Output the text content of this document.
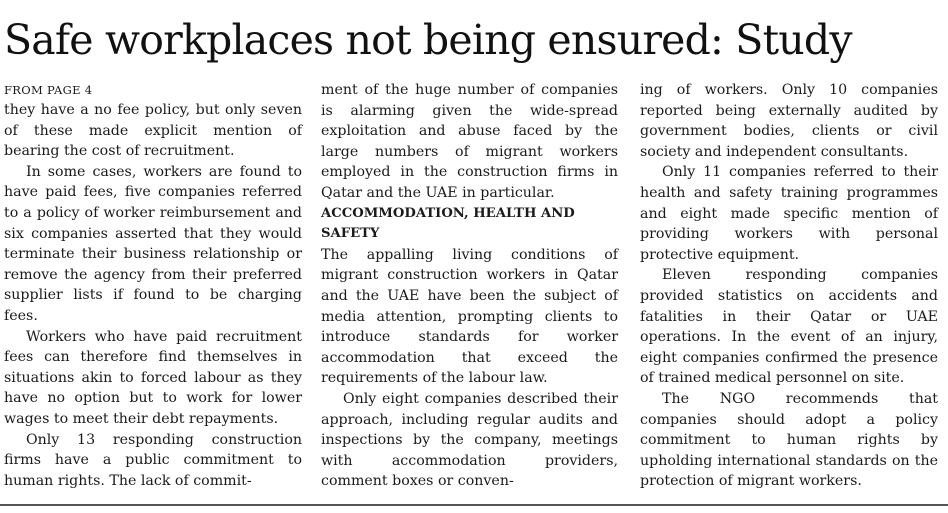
Safe workplaces not being ensured: Study
FROM PAGE 4

they have a no fee policy, but only seven of these made explicit mention of bearing the cost of recruitment.

In some cases, workers are found to have paid fees, five companies referred to a policy of worker reimbursement and six companies asserted that they would terminate their business relationship or remove the agency from their preferred supplier lists if found to be charging fees.

Workers who have paid recruitment fees can therefore find themselves in situations akin to forced labour as they have no option but to work for lower wages to meet their debt repayments.

Only 13 responding construction firms have a public commitment to human rights. The lack of commit-

ment of the huge number of companies is alarming given the wide-spread exploitation and abuse faced by the large numbers of migrant workers employed in the construction firms in Qatar and the UAE in particular.

ACCOMMODATION, HEALTH AND SAFETY

The appalling living conditions of migrant construction workers in Qatar and the UAE have been the subject of media attention, prompting clients to introduce standards for worker accommodation that exceed the requirements of the labour law.

Only eight companies described their approach, including regular audits and inspections by the company, meetings with accommodation providers, comment boxes or conven-

ing of workers. Only 10 companies reported being externally audited by government bodies, clients or civil society and independent consultants.

Only 11 companies referred to their health and safety training programmes and eight made specific mention of providing workers with personal protective equipment.

Eleven responding companies provided statistics on accidents and fatalities in their Qatar or UAE operations. In the event of an injury, eight companies confirmed the presence of trained medical personnel on site.

The NGO recommends that companies should adopt a policy commitment to human rights by upholding international standards on the protection of migrant workers.
